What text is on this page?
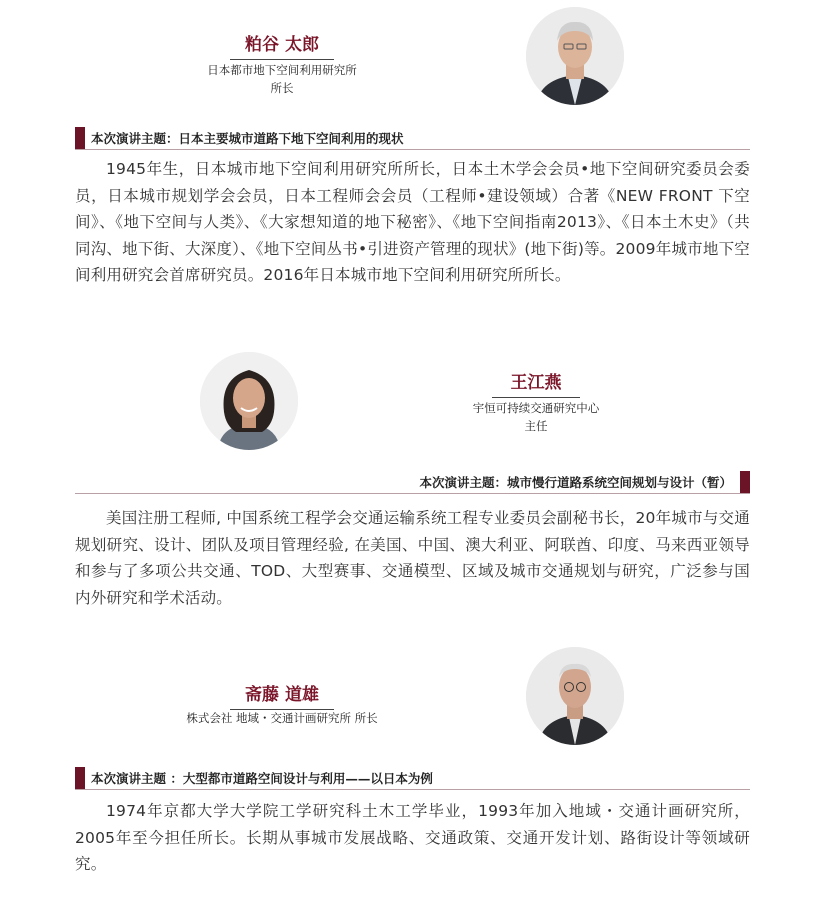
粕谷 太郎
日本都市地下空间利用研究所
所长
本次演讲主题：日本主要城市道路下地下空间利用的现状

1945年生，日本城市地下空间利用研究所所长，日本土木学会会员•地下空间研究委员会委员，日本城市规划学会会员，日本工程师会会员（工程师•建设领域）合著《NEW FRONT 下空间》、《地下空间与人类》、《大家想知道的地下秘密》、《地下空间指南2013》、《日本土木史》（共同沟、地下街、大深度）、《地下空间丛书•引进资产管理的现状》(地下街)等。2009年城市地下空间利用研究会首席研究员。2016年日本城市地下空间利用研究所所长。

王江燕
宇恒可持续交通研究中心
主任
本次演讲主题：城市慢行道路系统空间规划与设计（暂）

美国注册工程师, 中国系统工程学会交通运输系统工程专业委员会副秘书长，20年城市与交通规划研究、设计、团队及项目管理经验, 在美国、中国、澳大利亚、阿联酋、印度、马来西亚领导和参与了多项公共交通、TOD、大型赛事、交通模型、区域及城市交通规划与研究，广泛参与国内外研究和学术活动。

斋藤 道雄
株式会社 地域・交通计画研究所 所长
本次演讲主题 ：大型都市道路空间设计与利用——以日本为例

1974年京都大学大学院工学研究科土木工学毕业，1993年加入地域・交通计画研究所，2005年至今担任所长。长期从事城市发展战略、交通政策、交通开发计划、路街设计等领域研究。
